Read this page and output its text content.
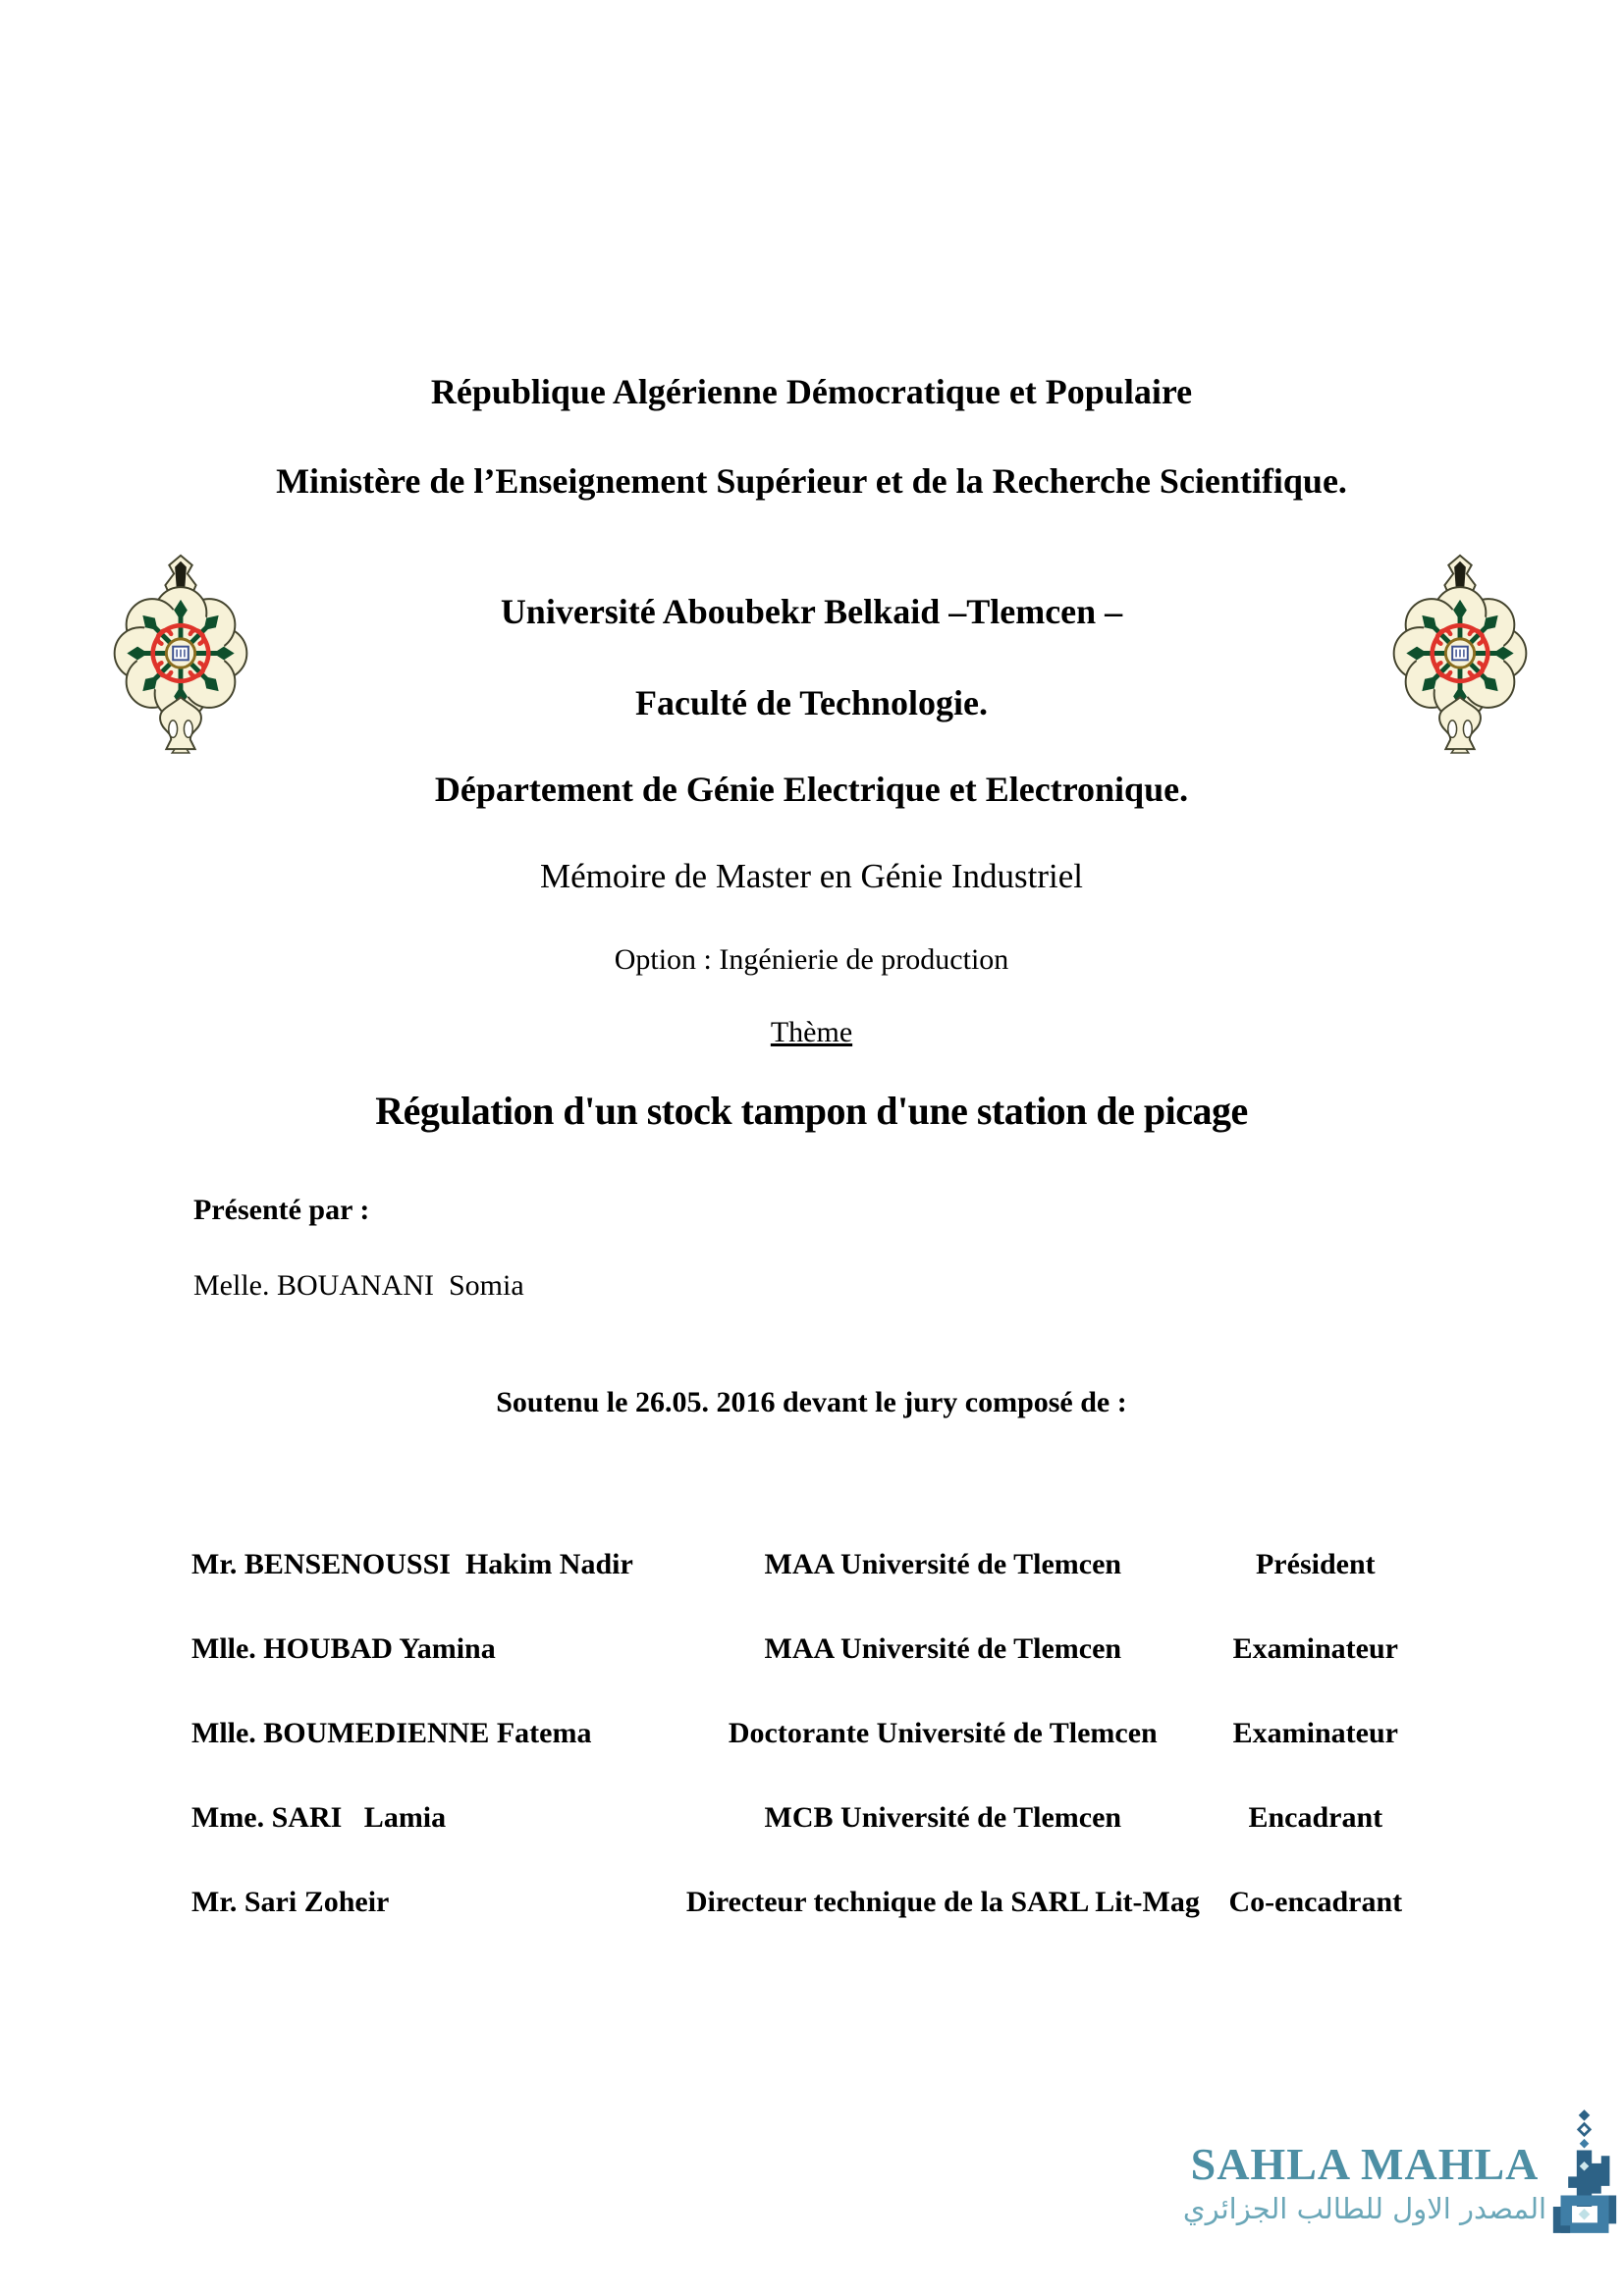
République Algérienne Démocratique et Populaire
Ministère de l’Enseignement Supérieur et de la Recherche Scientifique.
Université Aboubekr Belkaid –Tlemcen –
Faculté de Technologie.
Département de Génie Electrique et Electronique.
Mémoire de Master en Génie Industriel
Option : Ingénierie de production
Thème
Régulation d'un stock tampon d'une station de picage
Présenté par :
Melle. BOUANANI  Somia
Soutenu le 26.05. 2016 devant le jury composé de :
Mr. BENSENOUSSI  Hakim Nadir	MAA Université de Tlemcen	Président
Mlle. HOUBAD Yamina	MAA Université de Tlemcen	Examinateur
Mlle. BOUMEDIENNE Fatema	Doctorante Université de Tlemcen	Examinateur
Mme. SARI   Lamia	MCB Université de Tlemcen	Encadrant
Mr. Sari Zoheir	Directeur technique de la SARL Lit-Mag Co-encadrant
SAHLA MAHLA
المصدر الاول للطالب الجزائري
